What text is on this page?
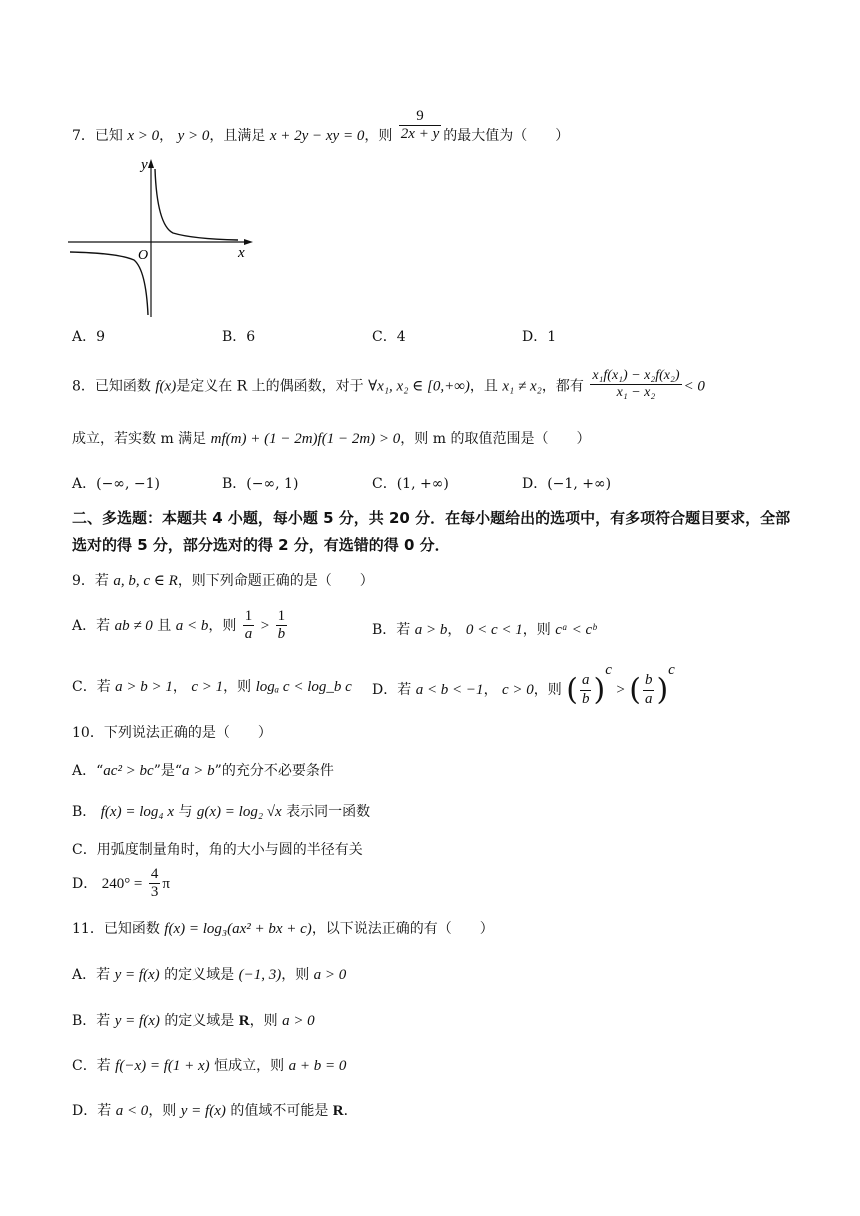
7．已知 x > 0， y > 0，且满足 x + 2y − xy = 0，则 $\frac{9}{2x + y}$ 的最大值为（　　）
y
x
O
A．9	B．6	C．4	D．1
8．已知函数 f(x)是定义在 R 上的偶函数，对于 ∀x₁, x₂ ∈ [0,+∞)，且 x₁ ≠ x₂，都有 $\frac{\text{x₁f(x₁) − x₂f(x₂)}}{\text{x₁ − x₂}} < 0$
成立，若实数 m 满足 mf(m) + (1 − 2m)f(1 − 2m) > 0，则 m 的取值范围是（　　）
A．(−∞, −1)	B．(−∞, 1)	C．(1, +∞)	D．(−1, +∞)
二、多选题：本题共 4 小题，每小题 5 分，共 20 分．在每小题给出的选项中，有多项符合题目要求，全部选对的得 5 分，部分选对的得 2 分，有选错的得 0 分．
9．若 a, b, c ∈ R，则下列命题正确的是（　　）
A．若 ab ≠ 0 且 a < b，则 $\frac{1}{a} > \frac{1}{b}$	B．若 a > b， 0 < c < 1，则 cᵃ < cᵇ
C．若 a > b > 1， c > 1，则 logₐ c < log_b c D．若 a < b < −1， c > 0，则 ( $\frac{a}{b} )^c$ > ( $\frac{b}{a} )^c$
10．下列说法正确的是（　　）
A．“ac² > bc”是“a > b”的充分不必要条件
B． f(x) = log₄ x 与 g(x) = log₂ √x 表示同一函数
C．用弧度制量角时，角的大小与圆的半径有关
D． $240^\circ = \frac{4}{3}$ π
11．已知函数 f(x) = log₃(ax² + bx + c)，以下说法正确的有（　　）
A．若 y = f(x) 的定义域是 (−1, 3)，则 a > 0
B．若 y = f(x) 的定义域是 R，则 a > 0
C．若 f(−x) = f(1 + x) 恒成立，则 a + b = 0
D．若 a < 0，则 y = f(x) 的值域不可能是 R．
